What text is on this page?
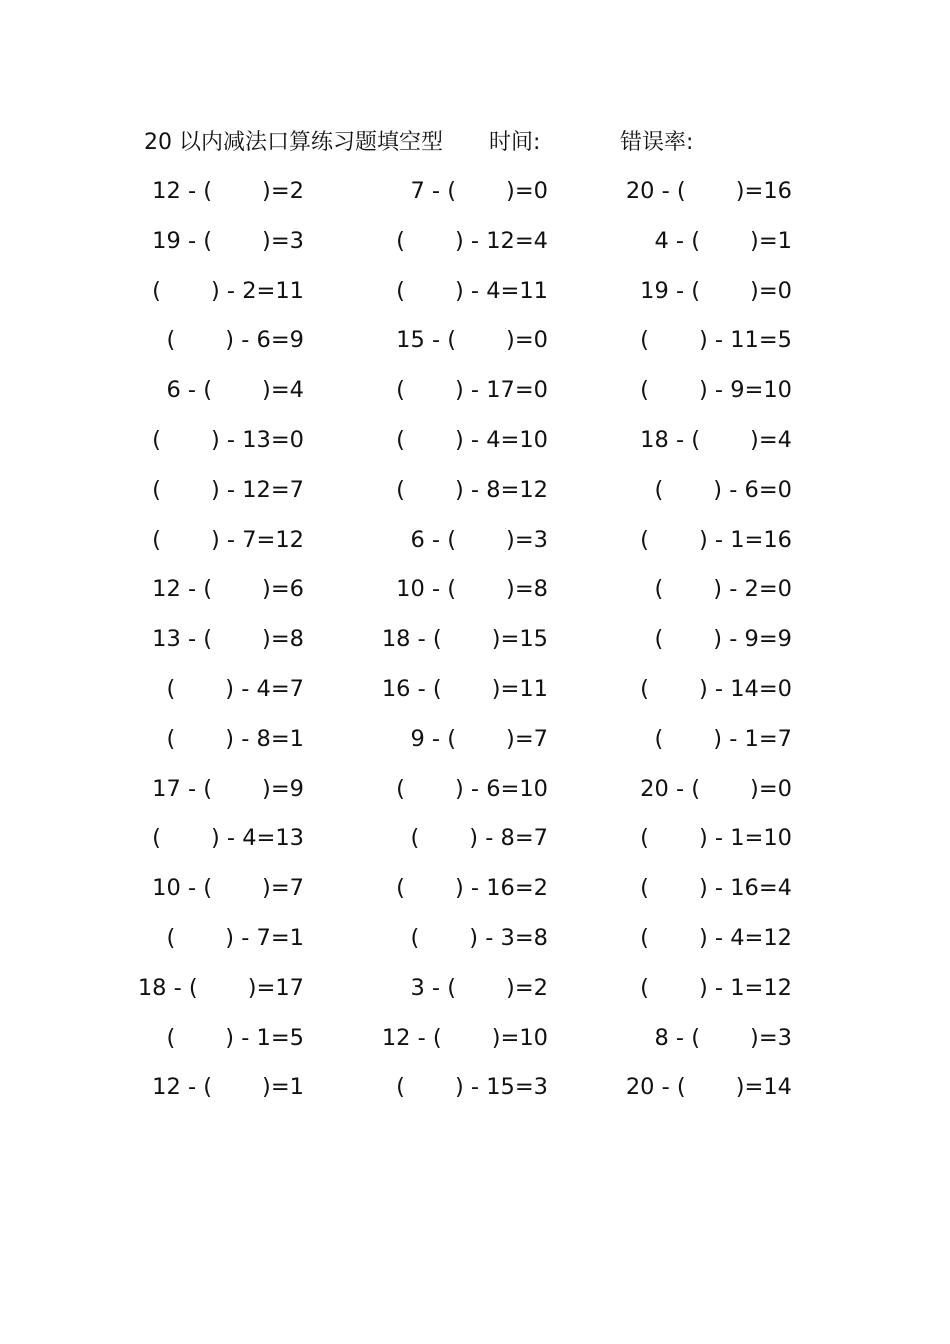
20 以内减法口算练习题填空型 时间:	错误率:
12 - (       )=2	7 - (       )=0	20 - (       )=16
19 - (       )=3	(       ) - 12=4	4 - (       )=1
(       ) - 2=11	(       ) - 4=11	19 - (       )=0
(       ) - 6=9	15 - (       )=0	(       ) - 11=5
6 - (       )=4	(       ) - 17=0	(       ) - 9=10
(       ) - 13=0	(       ) - 4=10	18 - (       )=4
(       ) - 12=7	(       ) - 8=12	(       ) - 6=0
(       ) - 7=12	6 - (       )=3	(       ) - 1=16
12 - (       )=6	10 - (       )=8	(       ) - 2=0
13 - (       )=8	18 - (       )=15	(       ) - 9=9
(       ) - 4=7	16 - (       )=11	(       ) - 14=0
(       ) - 8=1	9 - (       )=7	(       ) - 1=7
17 - (       )=9	(       ) - 6=10	20 - (       )=0
(       ) - 4=13	(       ) - 8=7	(       ) - 1=10
10 - (       )=7	(       ) - 16=2	(       ) - 16=4
(       ) - 7=1	(       ) - 3=8	(       ) - 4=12
18 - (       )=17	3 - (       )=2	(       ) - 1=12
(       ) - 1=5	12 - (       )=10	8 - (       )=3
12 - (       )=1	(       ) - 15=3	20 - (       )=14
